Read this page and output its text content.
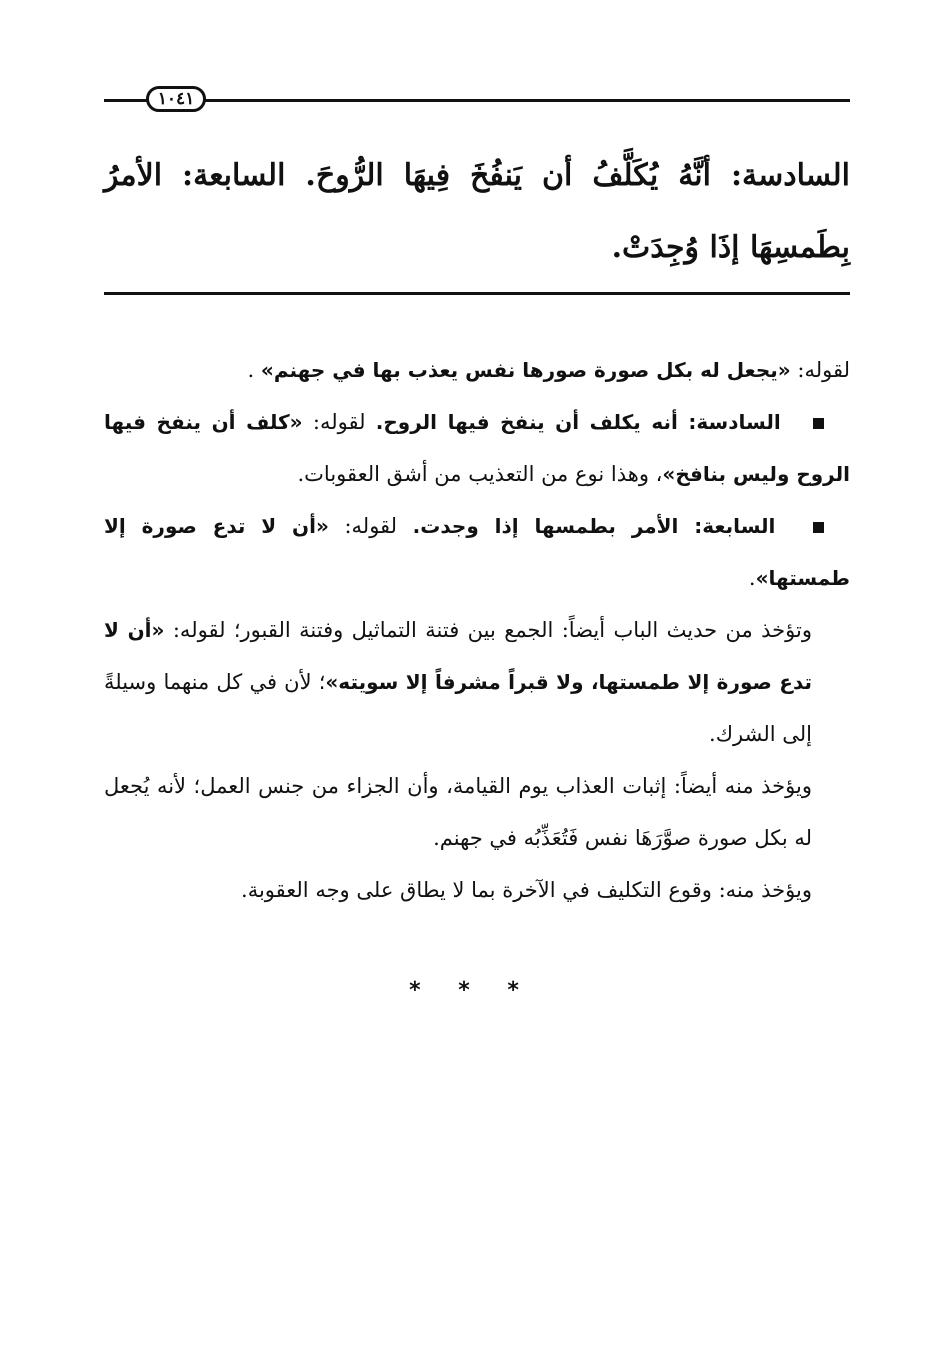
١٠٤١
السادسة: أنَّهُ يُكَلَّفُ أن يَنفُخَ فِيهَا الرُّوحَ. السابعة: الأمرُ بِطَمسِهَا إذَا وُجِدَتْ.

لقوله: «يجعل له بكل صورة صورها نفس يعذب بها في جهنم» .

السادسة: أنه يكلف أن ينفخ فيها الروح. لقوله: «كلف أن ينفخ فيها الروح وليس بنافخ»، وهذا نوع من التعذيب من أشق العقوبات.

السابعة: الأمر بطمسها إذا وجدت. لقوله: «أن لا تدع صورة إلا طمستها».

وتؤخذ من حديث الباب أيضاً: الجمع بين فتنة التماثيل وفتنة القبور؛ لقوله: «أن لا تدع صورة إلا طمستها، ولا قبراً مشرفاً إلا سويته»؛ لأن في كل منهما وسيلةً إلى الشرك.

ويؤخذ منه أيضاً: إثبات العذاب يوم القيامة، وأن الجزاء من جنس العمل؛ لأنه يُجعل له بكل صورة صوَّرَهَا نفس فَتُعَذِّبُه في جهنم.

ويؤخذ منه: وقوع التكليف في الآخرة بما لا يطاق على وجه العقوبة.

* * *
